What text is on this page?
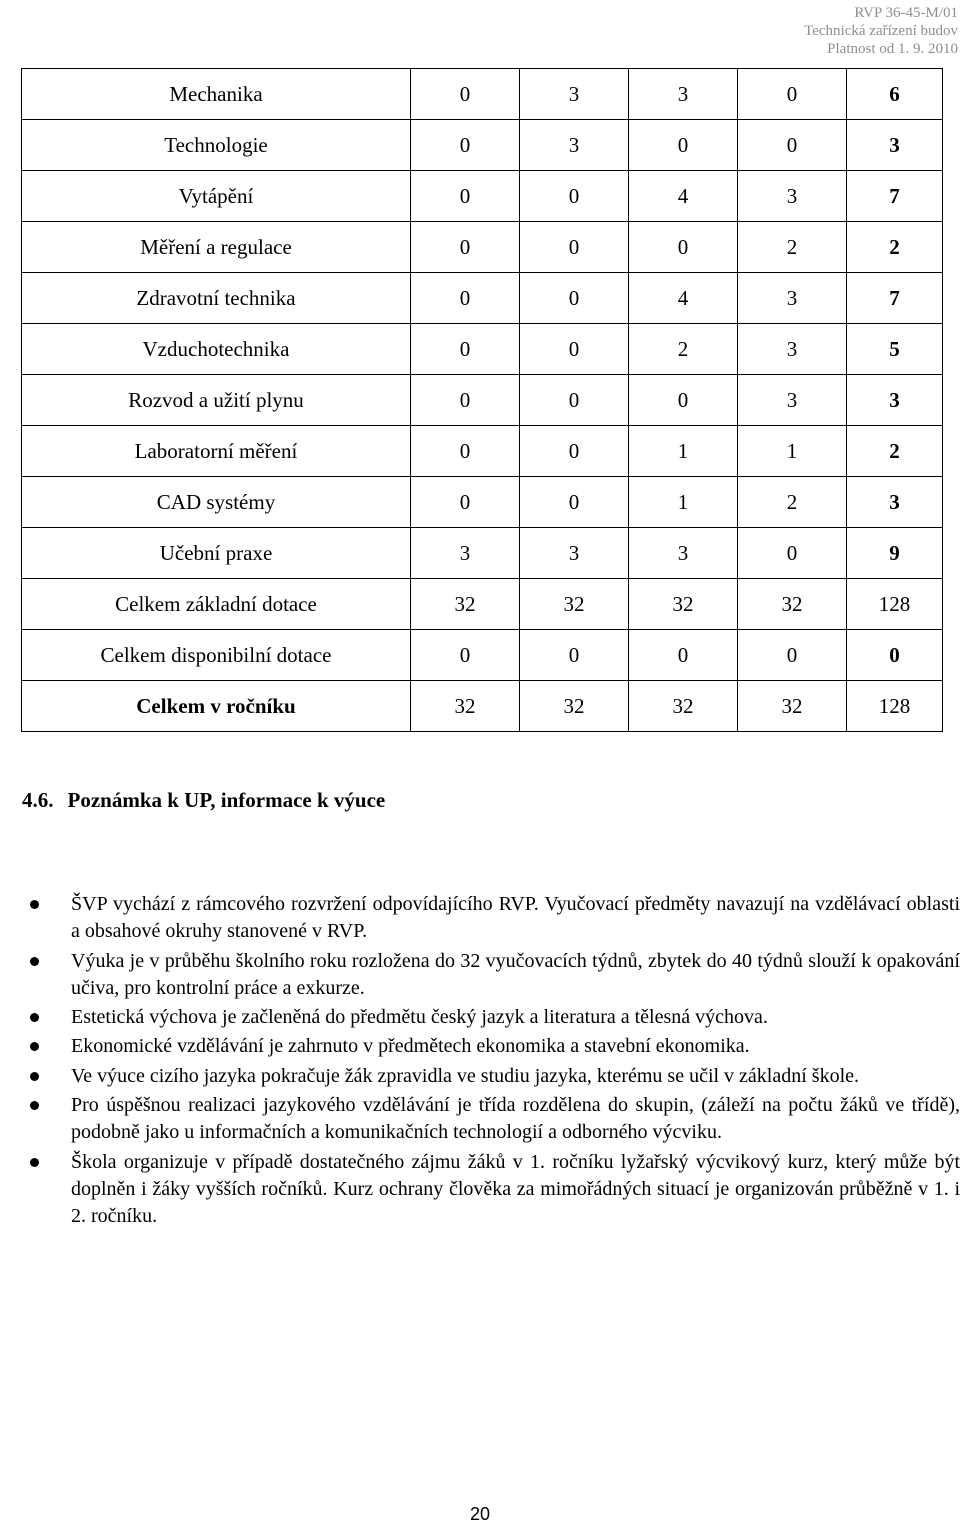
RVP 36-45-M/01
Technická zařízení budov
Platnost od 1. 9. 2010
Mechanika	0	3	3	0	6
Technologie	0	3	0	0	3
Vytápění	0	0	4	3	7
Měření a regulace	0	0	0	2	2
Zdravotní technika	0	0	4	3	7
Vzduchotechnika	0	0	2	3	5
Rozvod a užití plynu	0	0	0	3	3
Laboratorní měření	0	0	1	1	2
CAD systémy	0	0	1	2	3
Učební praxe	3	3	3	0	9
Celkem základní dotace	32	32	32	32	128
Celkem disponibilní dotace	0	0	0	0	0
Celkem v ročníku	32	32	32	32	128
4.6. Poznámka k UP, informace k výuce
ŠVP vychází z rámcového rozvržení odpovídajícího RVP. Vyučovací předměty navazují na vzdělávací oblasti a obsahové okruhy stanovené v RVP.
Výuka je v průběhu školního roku rozložena do 32 vyučovacích týdnů, zbytek do 40 týdnů slouží k opakování učiva, pro kontrolní práce a exkurze.
Estetická výchova je začleněná do předmětu český jazyk a literatura a tělesná výchova.
Ekonomické vzdělávání je zahrnuto v předmětech ekonomika a stavební ekonomika.
Ve výuce cizího jazyka pokračuje žák zpravidla ve studiu jazyka, kterému se učil v základní škole.
Pro úspěšnou realizaci jazykového vzdělávání je třída rozdělena do skupin, (záleží na počtu žáků ve třídě), podobně jako u informačních a komunikačních technologií a odborného výcviku.
Škola organizuje v případě dostatečného zájmu žáků v 1. ročníku lyžařský výcvikový kurz, který může být doplněn i žáky vyšších ročníků. Kurz ochrany člověka za mimořádných situací je organizován průběžně v 1. i 2. ročníku.
20
